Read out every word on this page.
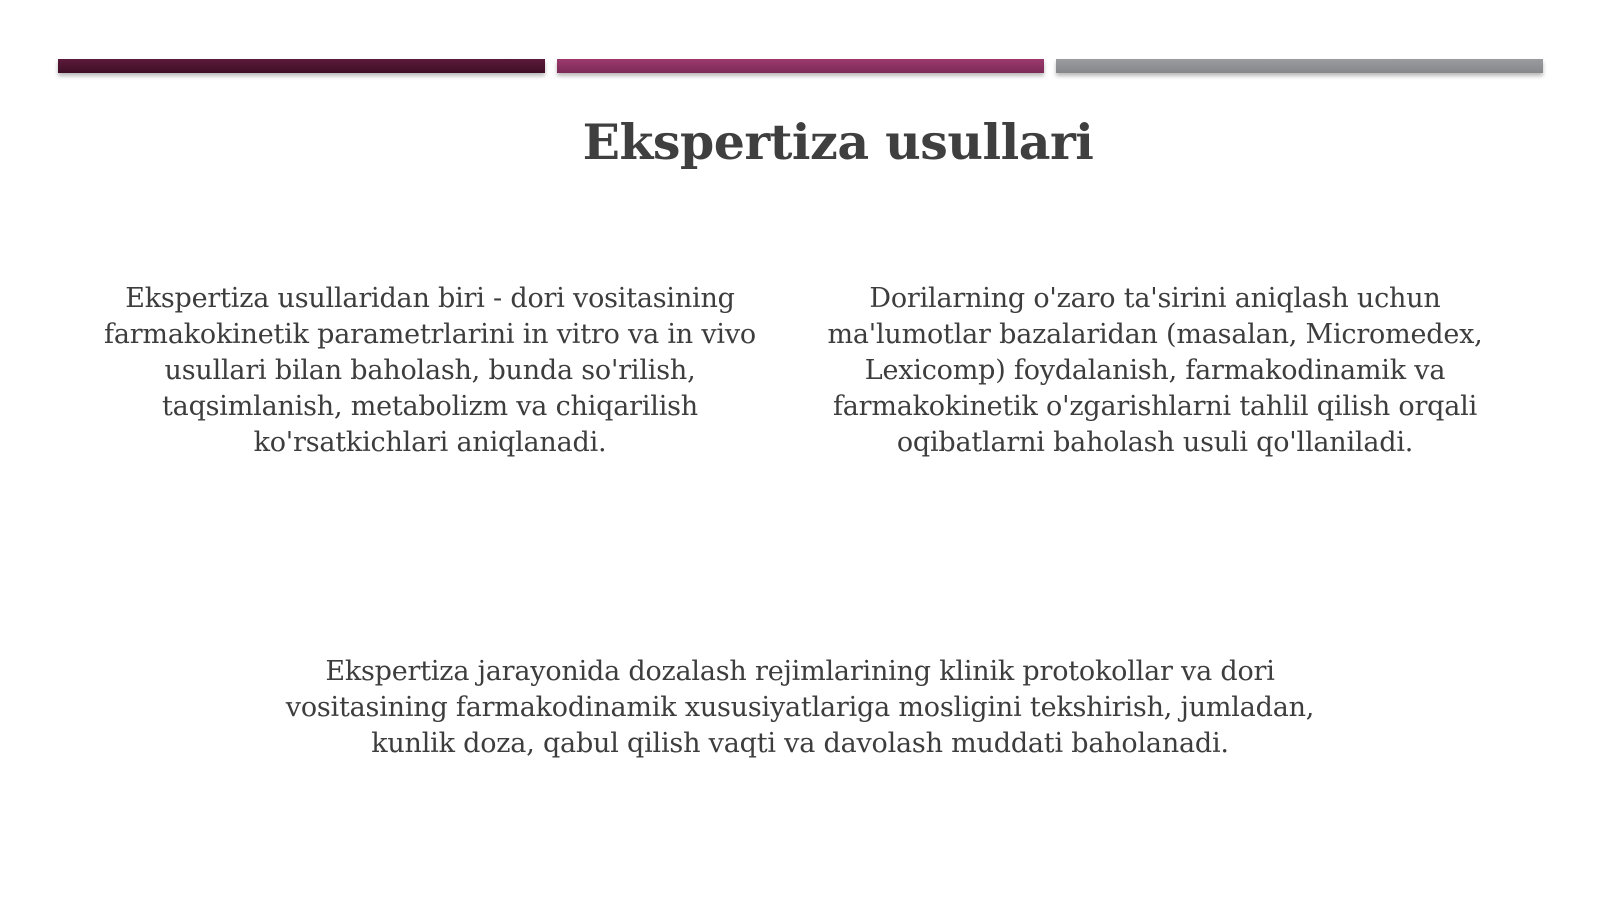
Ekspertiza usullari

Ekspertiza usullaridan biri - dori vositasining farmakokinetik parametrlarini in vitro va in vivo usullari bilan baholash, bunda so'rilish, taqsimlanish, metabolizm va chiqarilish ko'rsatkichlari aniqlanadi.

Dorilarning o'zaro ta'sirini aniqlash uchun ma'lumotlar bazalaridan (masalan, Micromedex, Lexicomp) foydalanish, farmakodinamik va farmakokinetik o'zgarishlarni tahlil qilish orqali oqibatlarni baholash usuli qo'llaniladi.

Ekspertiza jarayonida dozalash rejimlarining klinik protokollar va dori vositasining farmakodinamik xususiyatlariga mosligini tekshirish, jumladan, kunlik doza, qabul qilish vaqti va davolash muddati baholanadi.
